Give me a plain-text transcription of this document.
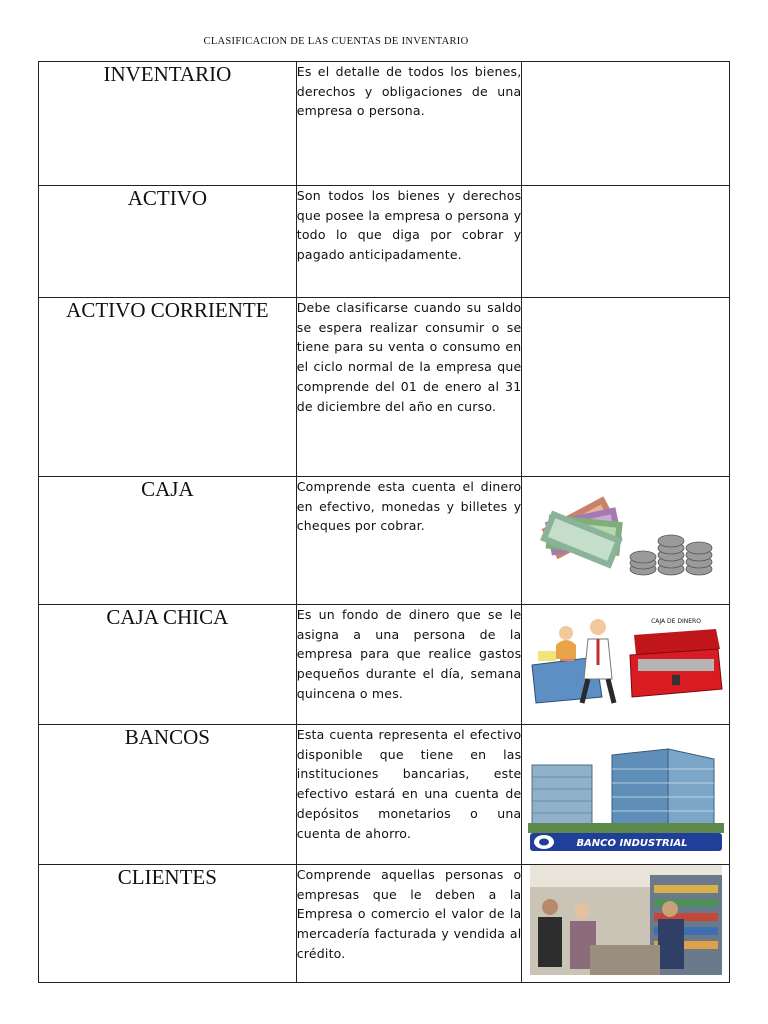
CLASIFICACION DE LAS CUENTAS DE INVENTARIO
INVENTARIO	Es el detalle de todos los bienes, derechos y obligaciones de una empresa o persona.	
ACTIVO	Son todos los bienes y derechos que posee la empresa o persona y todo lo que diga por cobrar y pagado anticipadamente.	
ACTIVO CORRIENTE	Debe clasificarse cuando su saldo se espera realizar consumir o se tiene para su venta o consumo en el ciclo normal de la empresa que comprende del 01 de enero al 31 de diciembre del año en curso.	
CAJA	Comprende esta cuenta el dinero en efectivo, monedas y billetes y cheques por cobrar.	

CAJA CHICA	Es un fondo de dinero que se le asigna a una persona de la empresa para que realice gastos pequeños durante el día, semana quincena o mes.	CAJA DE DINERO

BANCOS	Esta cuenta representa el efectivo disponible que tiene en las instituciones bancarias, este efectivo estará en una cuenta de depósitos monetarios o una cuenta de ahorro.	BANCO INDUSTRIAL

CLIENTES	Comprende aquellas personas o empresas que le deben a la Empresa o comercio el valor de la mercadería facturada y vendida al crédito.	
